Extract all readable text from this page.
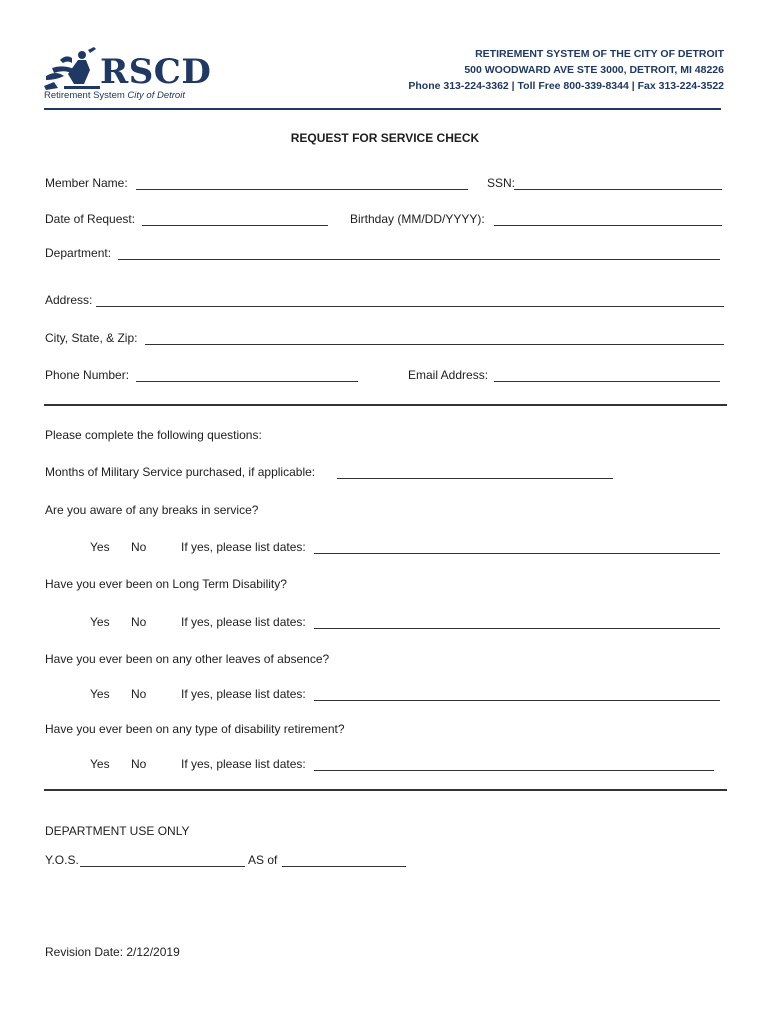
RSCD
Retirement System City of Detroit
RETIREMENT SYSTEM OF THE CITY OF DETROIT
500 WOODWARD AVE STE 3000, DETROIT, MI 48226
Phone 313-224-3362 | Toll Free 800-339-8344 | Fax 313-224-3522
REQUEST FOR SERVICE CHECK
Member Name:	SSN:
Date of Request:	Birthday (MM/DD/YYYY):
Department:
Address:
City, State, & Zip:
Phone Number:	Email Address:
Please complete the following questions:
Months of Military Service purchased, if applicable:
Are you aware of any breaks in service?
Yes No	If yes, please list dates:
Have you ever been on Long Term Disability?
Yes No	If yes, please list dates:
Have you ever been on any other leaves of absence?
Yes No	If yes, please list dates:
Have you ever been on any type of disability retirement?
Yes No	If yes, please list dates:
DEPARTMENT USE ONLY
Y.O.S.	AS of
Revision Date: 2/12/2019
